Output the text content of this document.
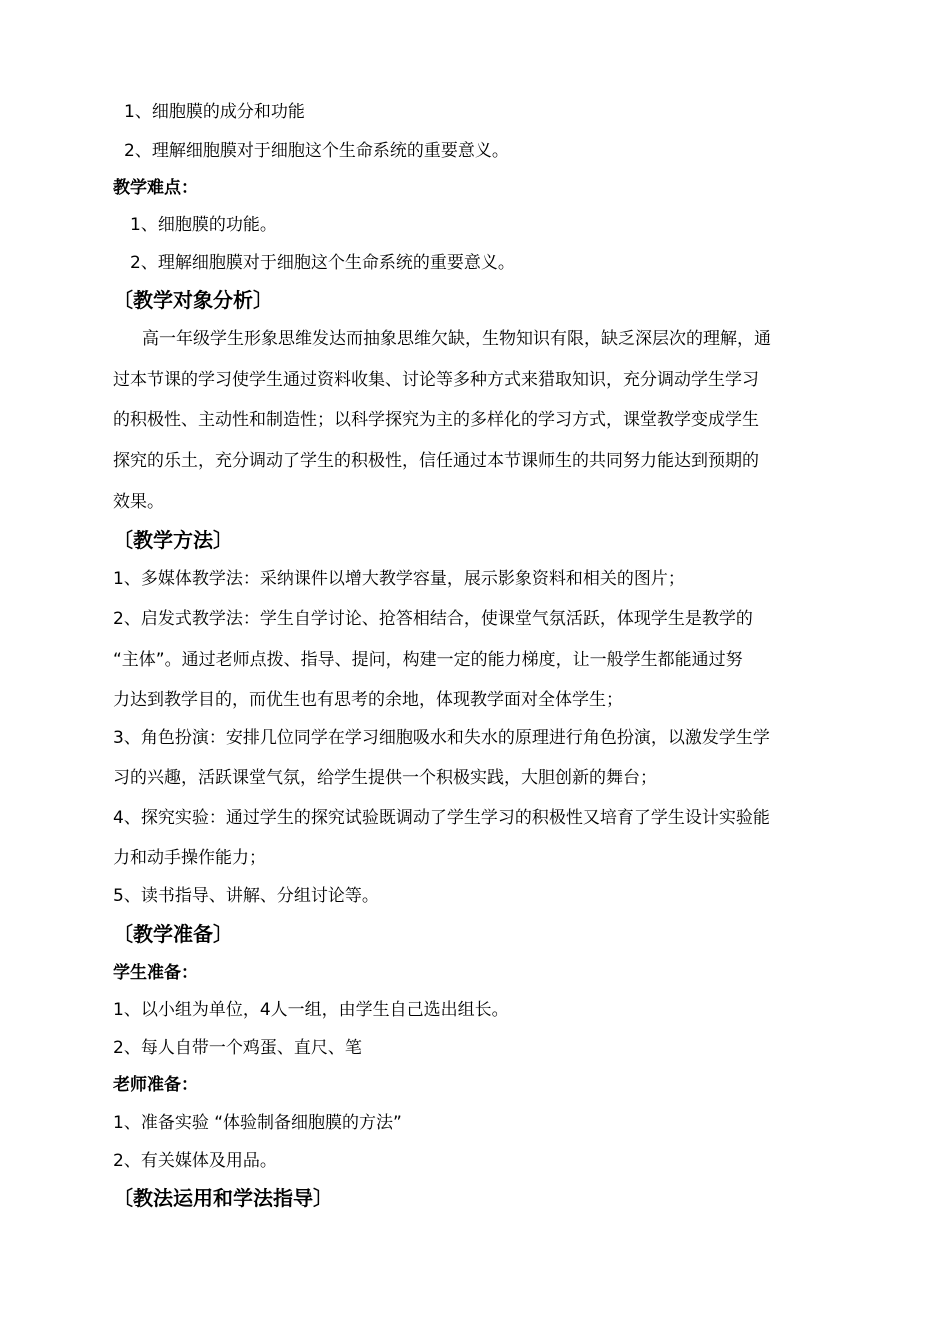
1、细胞膜的成分和功能
2、理解细胞膜对于细胞这个生命系统的重要意义。
教学难点：
1、细胞膜的功能。
2、理解细胞膜对于细胞这个生命系统的重要意义。
〔教学对象分析〕
高一年级学生形象思维发达而抽象思维欠缺，生物知识有限，缺乏深层次的理解，通
过本节课的学习使学生通过资料收集、讨论等多种方式来猎取知识，充分调动学生学习
的积极性、主动性和制造性；以科学探究为主的多样化的学习方式，课堂教学变成学生
探究的乐土，充分调动了学生的积极性，信任通过本节课师生的共同努力能达到预期的
效果。
〔教学方法〕
1、多媒体教学法：采纳课件以增大教学容量，展示影象资料和相关的图片；
2、启发式教学法：学生自学讨论、抢答相结合，使课堂气氛活跃，体现学生是教学的
“主体”。通过老师点拨、指导、提问，构建一定的能力梯度，让一般学生都能通过努
力达到教学目的，而优生也有思考的余地，体现教学面对全体学生；
3、角色扮演：安排几位同学在学习细胞吸水和失水的原理进行角色扮演，以激发学生学
习的兴趣，活跃课堂气氛，给学生提供一个积极实践，大胆创新的舞台；
4、探究实验：通过学生的探究试验既调动了学生学习的积极性又培育了学生设计实验能
力和动手操作能力；
5、读书指导、讲解、分组讨论等。
〔教学准备〕
学生准备：
1、以小组为单位，4人一组，由学生自己选出组长。
2、每人自带一个鸡蛋、直尺、笔
老师准备：
1、准备实验 “体验制备细胞膜的方法”
2、有关媒体及用品。
〔教法运用和学法指导〕
